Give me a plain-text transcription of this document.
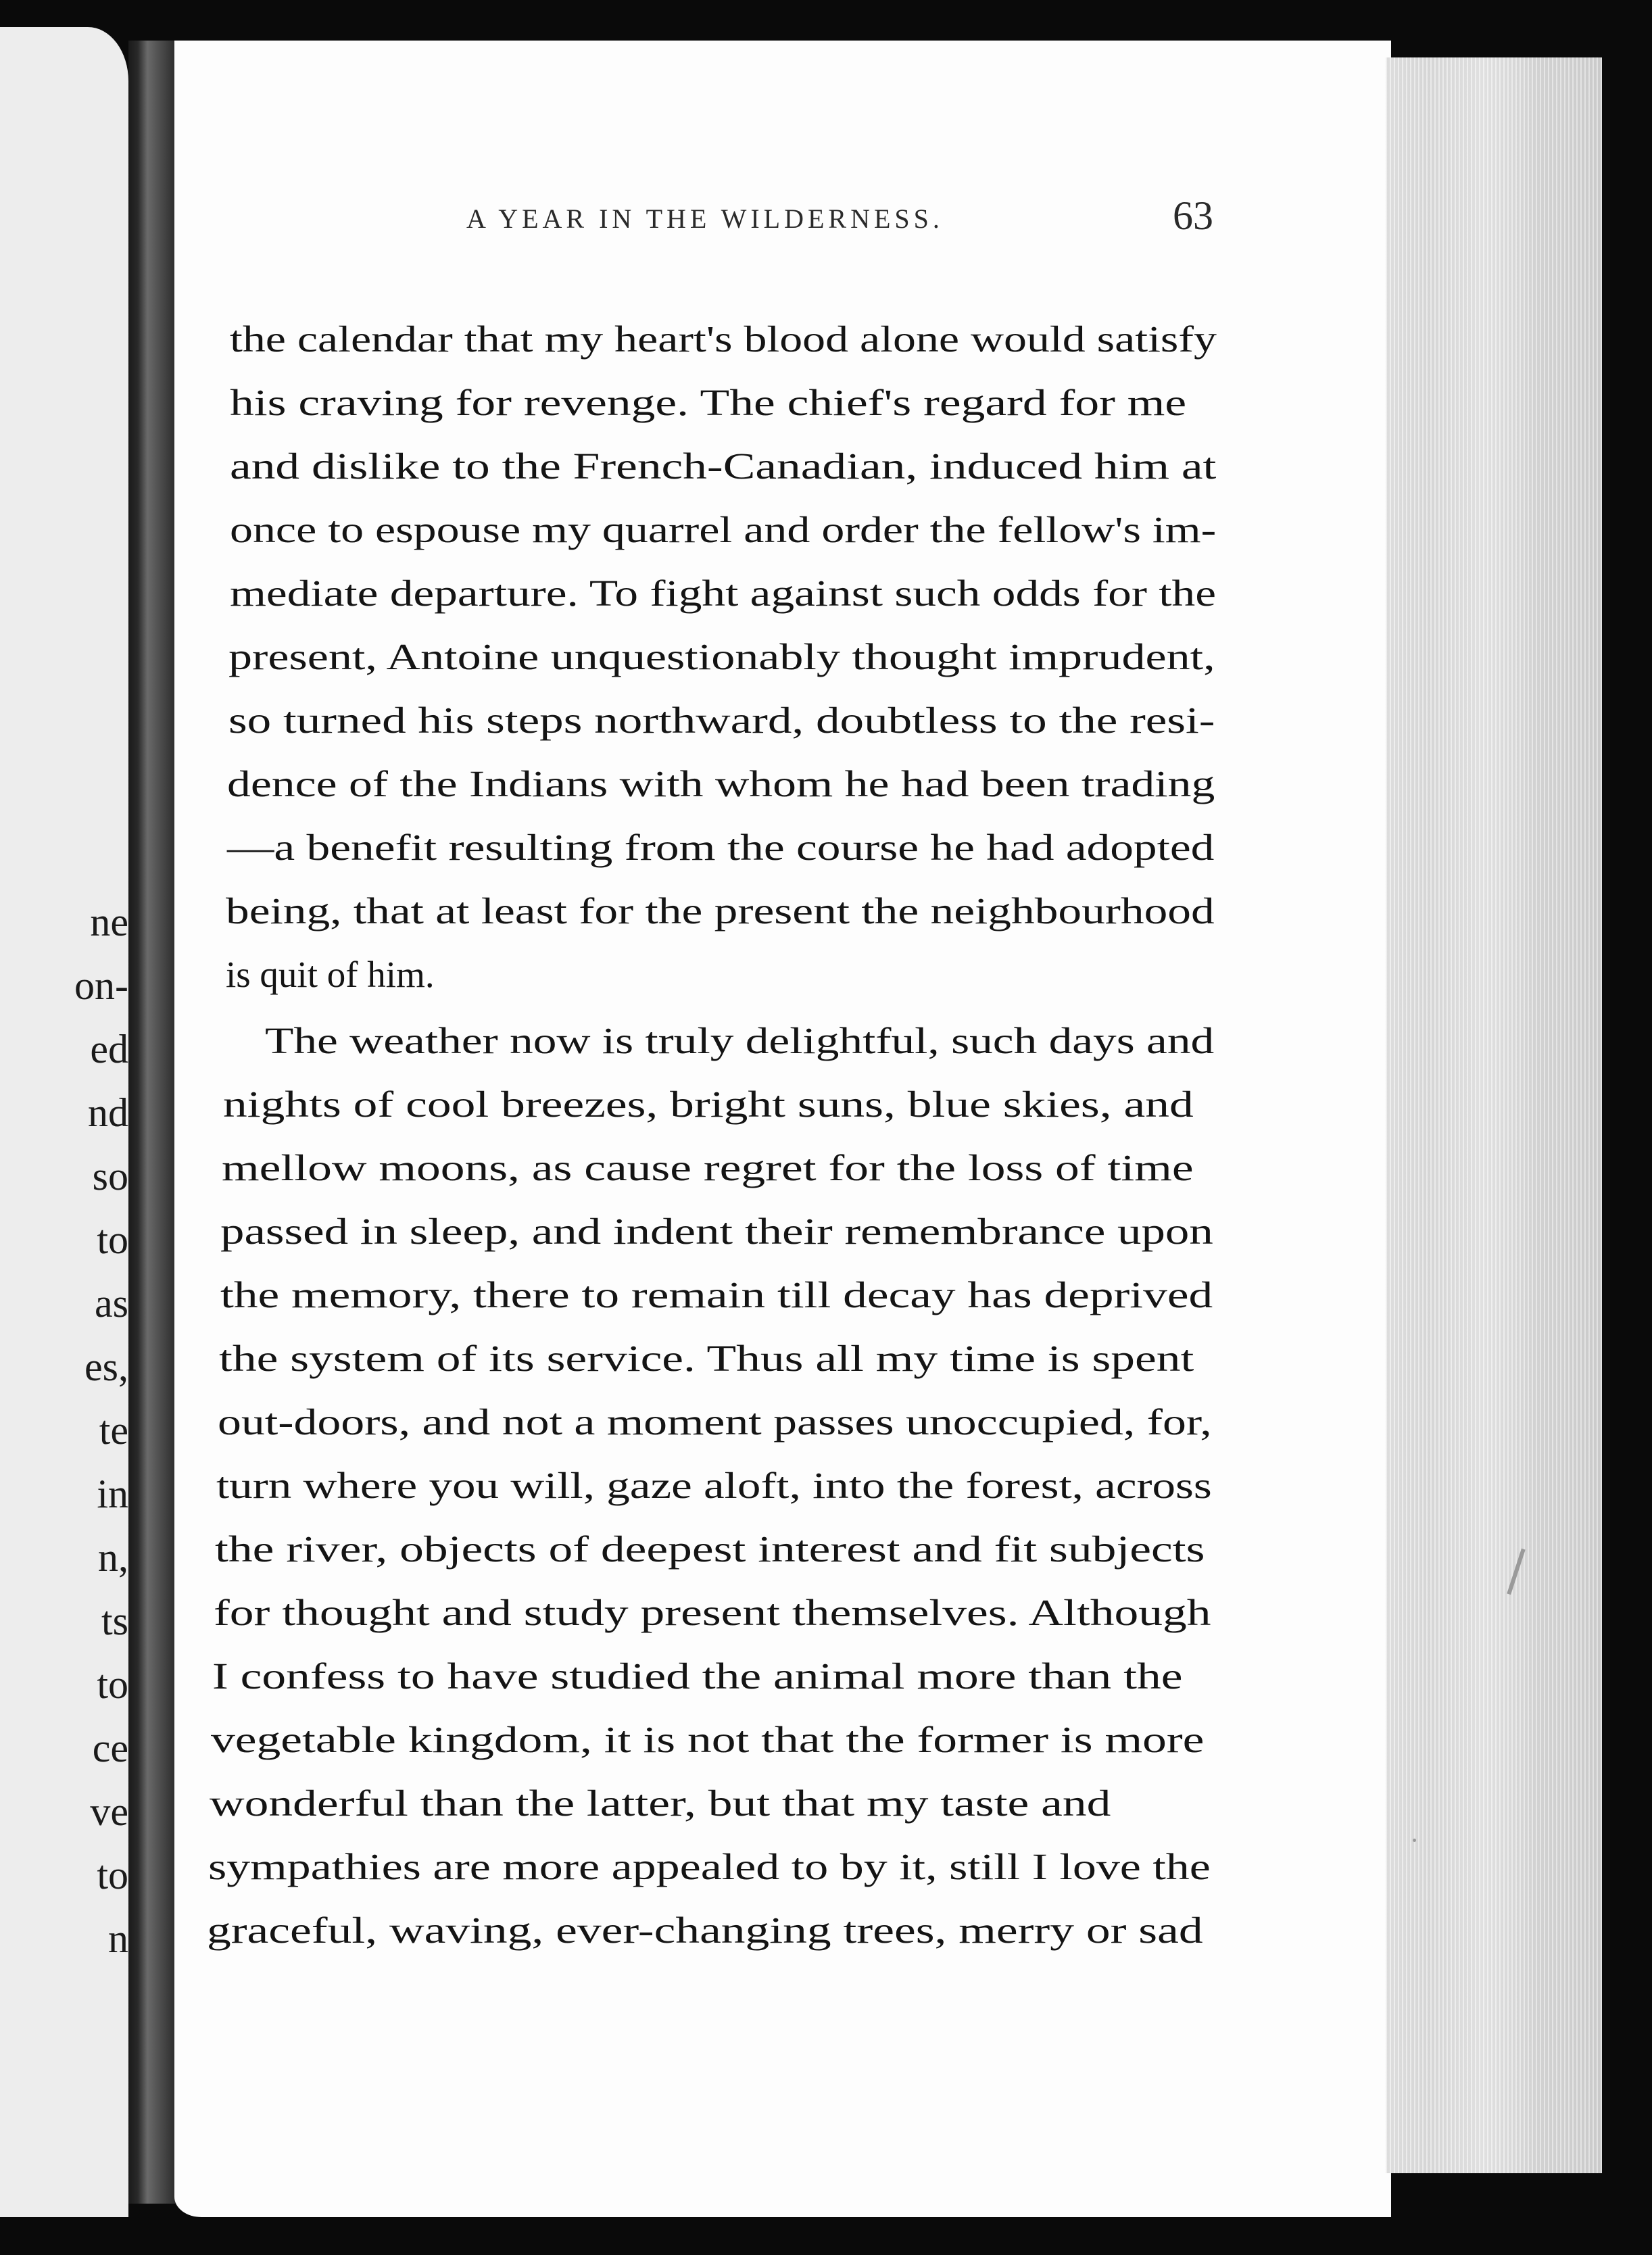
ne
on-
ed
nd
so
to
as
es,
te
in
n,
ts
to
ce
ve
to
n
A YEAR IN THE WILDERNESS.	63
the calendar that my heart's blood alone would satisfy
his craving for revenge. The chief's regard for me
and dislike to the French-Canadian, induced him at
once to espouse my quarrel and order the fellow's im-
mediate departure. To fight against such odds for the
present, Antoine unquestionably thought imprudent,
so turned his steps northward, doubtless to the resi-
dence of the Indians with whom he had been trading
—a benefit resulting from the course he had adopted
being, that at least for the present the neighbourhood
is quit of him.
The weather now is truly delightful, such days and
nights of cool breezes, bright suns, blue skies, and
mellow moons, as cause regret for the loss of time
passed in sleep, and indent their remembrance upon
the memory, there to remain till decay has deprived
the system of its service. Thus all my time is spent
out-doors, and not a moment passes unoccupied, for,
turn where you will, gaze aloft, into the forest, across
the river, objects of deepest interest and fit subjects
for thought and study present themselves. Although
I confess to have studied the animal more than the
vegetable kingdom, it is not that the former is more
wonderful than the latter, but that my taste and
sympathies are more appealed to by it, still I love the
graceful, waving, ever-changing trees, merry or sad
